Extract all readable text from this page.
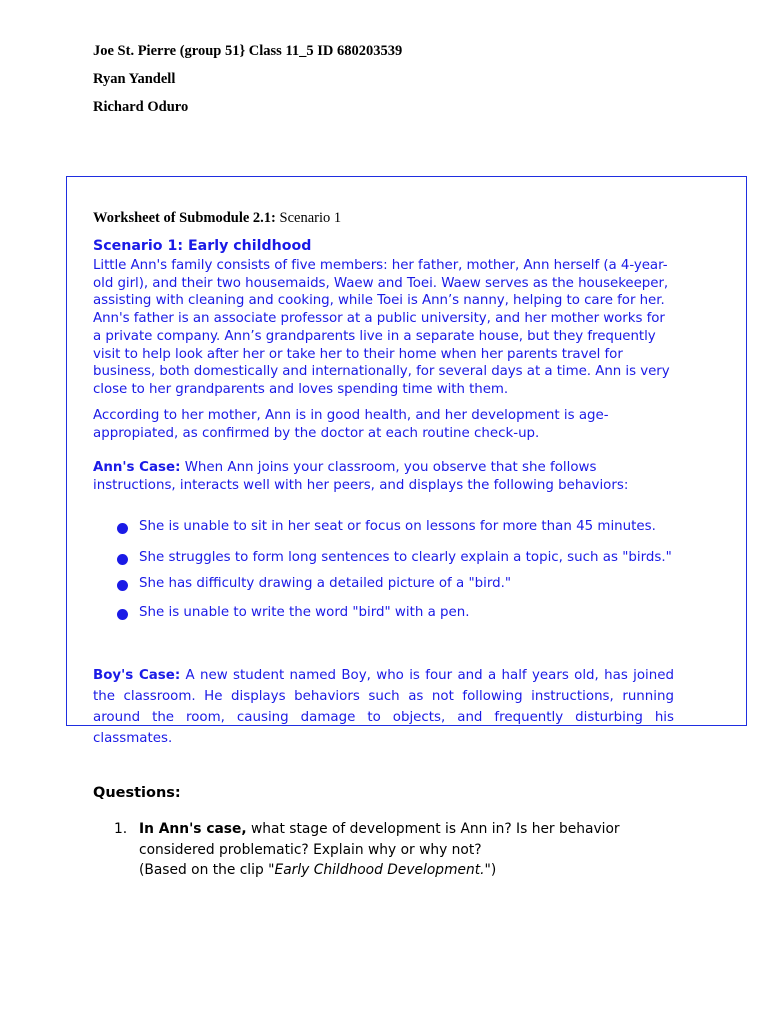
Joe St. Pierre (group 51} Class 11_5 ID 680203539
Ryan Yandell
Richard Oduro
Worksheet of Submodule 2.1: Scenario 1
Scenario 1: Early childhood
Little Ann's family consists of five members: her father, mother, Ann herself (a 4-year-old girl), and their two housemaids, Waew and Toei. Waew serves as the housekeeper, assisting with cleaning and cooking, while Toei is Ann’s nanny, helping to care for her. Ann's father is an associate professor at a public university, and her mother works for a private company. Ann’s grandparents live in a separate house, but they frequently visit to help look after her or take her to their home when her parents travel for business, both domestically and internationally, for several days at a time. Ann is very close to her grandparents and loves spending time with them.
According to her mother, Ann is in good health, and her development is age-appropiated, as confirmed by the doctor at each routine check-up.
Ann's Case: When Ann joins your classroom, you observe that she follows instructions, interacts well with her peers, and displays the following behaviors:
She is unable to sit in her seat or focus on lessons for more than 45 minutes.
She struggles to form long sentences to clearly explain a topic, such as "birds."
She has difficulty drawing a detailed picture of a "bird."
She is unable to write the word "bird" with a pen.
Boy's Case: A new student named Boy, who is four and a half years old, has joined the classroom. He displays behaviors such as not following instructions, running around the room, causing damage to objects, and frequently disturbing his classmates.
Questions:
1. In Ann's case, what stage of development is Ann in? Is her behavior considered problematic? Explain why or why not?
(Based on the clip "Early Childhood Development.")
